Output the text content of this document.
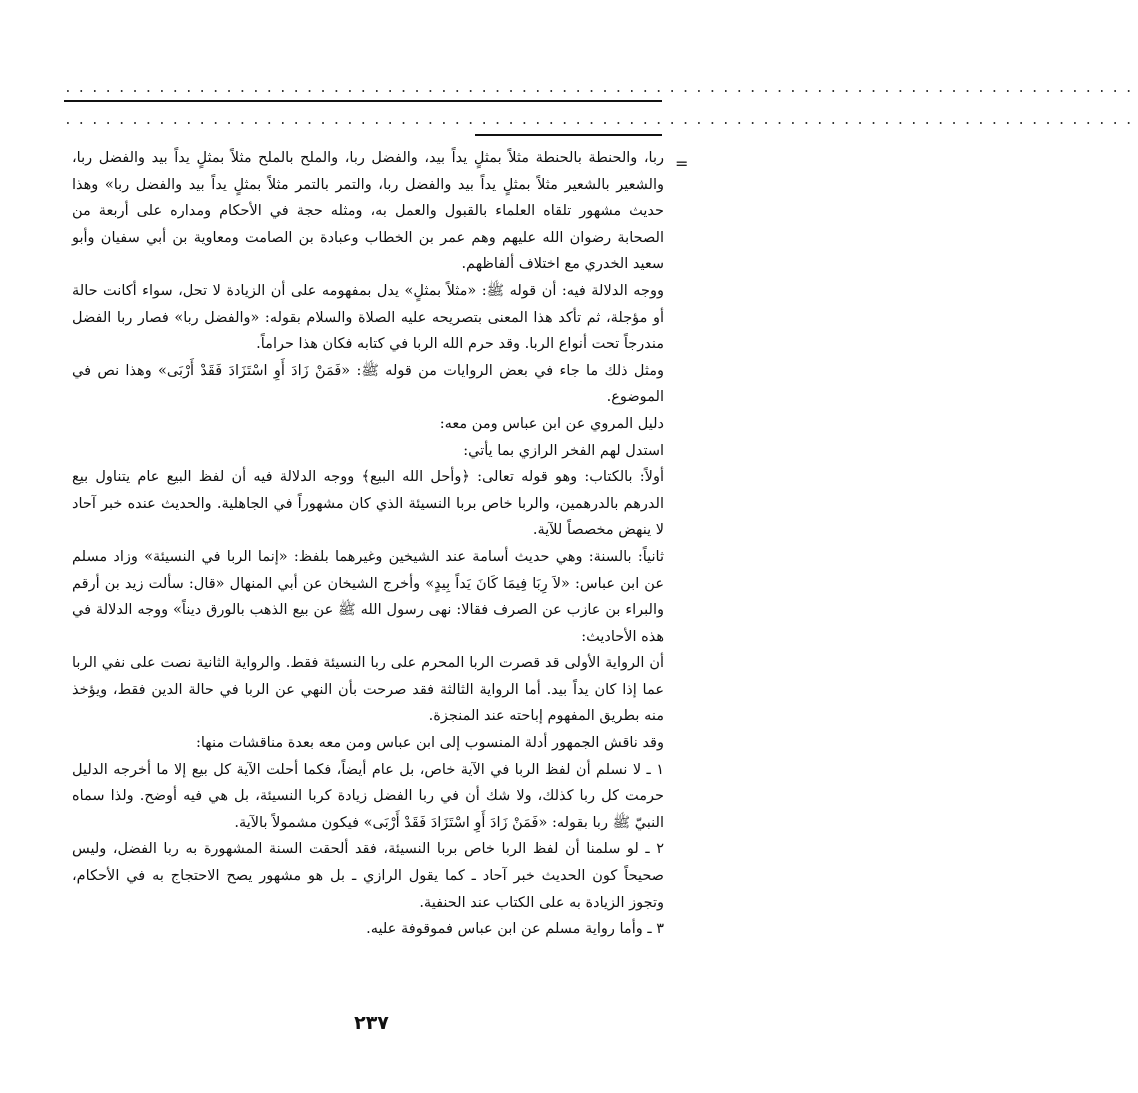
................................................................................
................................................................................
=

ربا، والحنطة بالحنطة مثلاً بمثلٍ يداً بيد، والفضل ربا، والملح بالملح مثلاً بمثلٍ يداً بيد والفضل ربا، والشعير بالشعير مثلاً بمثلٍ يداً بيد والفضل ربا، والتمر بالتمر مثلاً بمثلٍ يداً بيد والفضل ربا» وهذا حديث مشهور تلقاه العلماء بالقبول والعمل به، ومثله حجة في الأحكام ومداره على أربعة من الصحابة رضوان الله عليهم وهم عمر بن الخطاب وعبادة بن الصامت ومعاوية بن أبي سفيان وأبو سعيد الخدري مع اختلاف ألفاظهم.

ووجه الدلالة فيه: أن قوله ﷺ: «مثلاً بمثلٍ» يدل بمفهومه على أن الزيادة لا تحل، سواء أكانت حالة أو مؤجلة، ثم تأكد هذا المعنى بتصريحه عليه الصلاة والسلام بقوله: «والفضل ربا» فصار ربا الفضل مندرجاً تحت أنواع الربا. وقد حرم الله الربا في كتابه فكان هذا حراماً.

ومثل ذلك ما جاء في بعض الروايات من قوله ﷺ: «فَمَنْ زَادَ أَوِ اسْتَزَادَ فَقَدْ أَرْبَى» وهذا نص في الموضوع.

دليل المروي عن ابن عباس ومن معه:

استدل لهم الفخر الرازي بما يأتي:

أولاً: بالكتاب: وهو قوله تعالى: ﴿وأحل الله البيع﴾ ووجه الدلالة فيه أن لفظ البيع عام يتناول بيع الدرهم بالدرهمين، والربا خاص بربا النسيئة الذي كان مشهوراً في الجاهلية. والحديث عنده خبر آحاد لا ينهض مخصصاً للآية.

ثانياً: بالسنة: وهي حديث أسامة عند الشيخين وغيرهما بلفظ: «إنما الربا في النسيئة» وزاد مسلم عن ابن عباس: «لاَ رِبَا فِيمَا كَانَ يَداً بِيدٍ» وأخرج الشيخان عن أبي المنهال «قال: سألت زيد بن أرقم والبراء بن عازب عن الصرف فقالا: نهى رسول الله ﷺ عن بيع الذهب بالورق ديناً» ووجه الدلالة في هذه الأحاديث:

أن الرواية الأولى قد قصرت الربا المحرم على ربا النسيئة فقط. والرواية الثانية نصت على نفي الربا عما إذا كان يداً بيد. أما الرواية الثالثة فقد صرحت بأن النهي عن الربا في حالة الدين فقط، ويؤخذ منه بطريق المفهوم إباحته عند المنجزة.

وقد ناقش الجمهور أدلة المنسوب إلى ابن عباس ومن معه بعدة مناقشات منها:

١ ـ لا نسلم أن لفظ الربا في الآية خاص، بل عام أيضاً، فكما أحلت الآية كل بيع إلا ما أخرجه الدليل حرمت كل ربا كذلك، ولا شك أن في ربا الفضل زيادة كربا النسيئة، بل هي فيه أوضح. ولذا سماه النبيّ ﷺ ربا بقوله: «فَمَنْ زَادَ أَوِ اسْتَزَادَ فَقَدْ أَرْبَى» فيكون مشمولاً بالآية.

٢ ـ لو سلمنا أن لفظ الربا خاص بربا النسيئة، فقد ألحقت السنة المشهورة به ربا الفضل، وليس صحيحاً كون الحديث خبر آحاد ـ كما يقول الرازي ـ بل هو مشهور يصح الاحتجاج به في الأحكام، وتجوز الزيادة به على الكتاب عند الحنفية.

٣ ـ وأما رواية مسلم عن ابن عباس فموقوفة عليه.

٢٣٧
